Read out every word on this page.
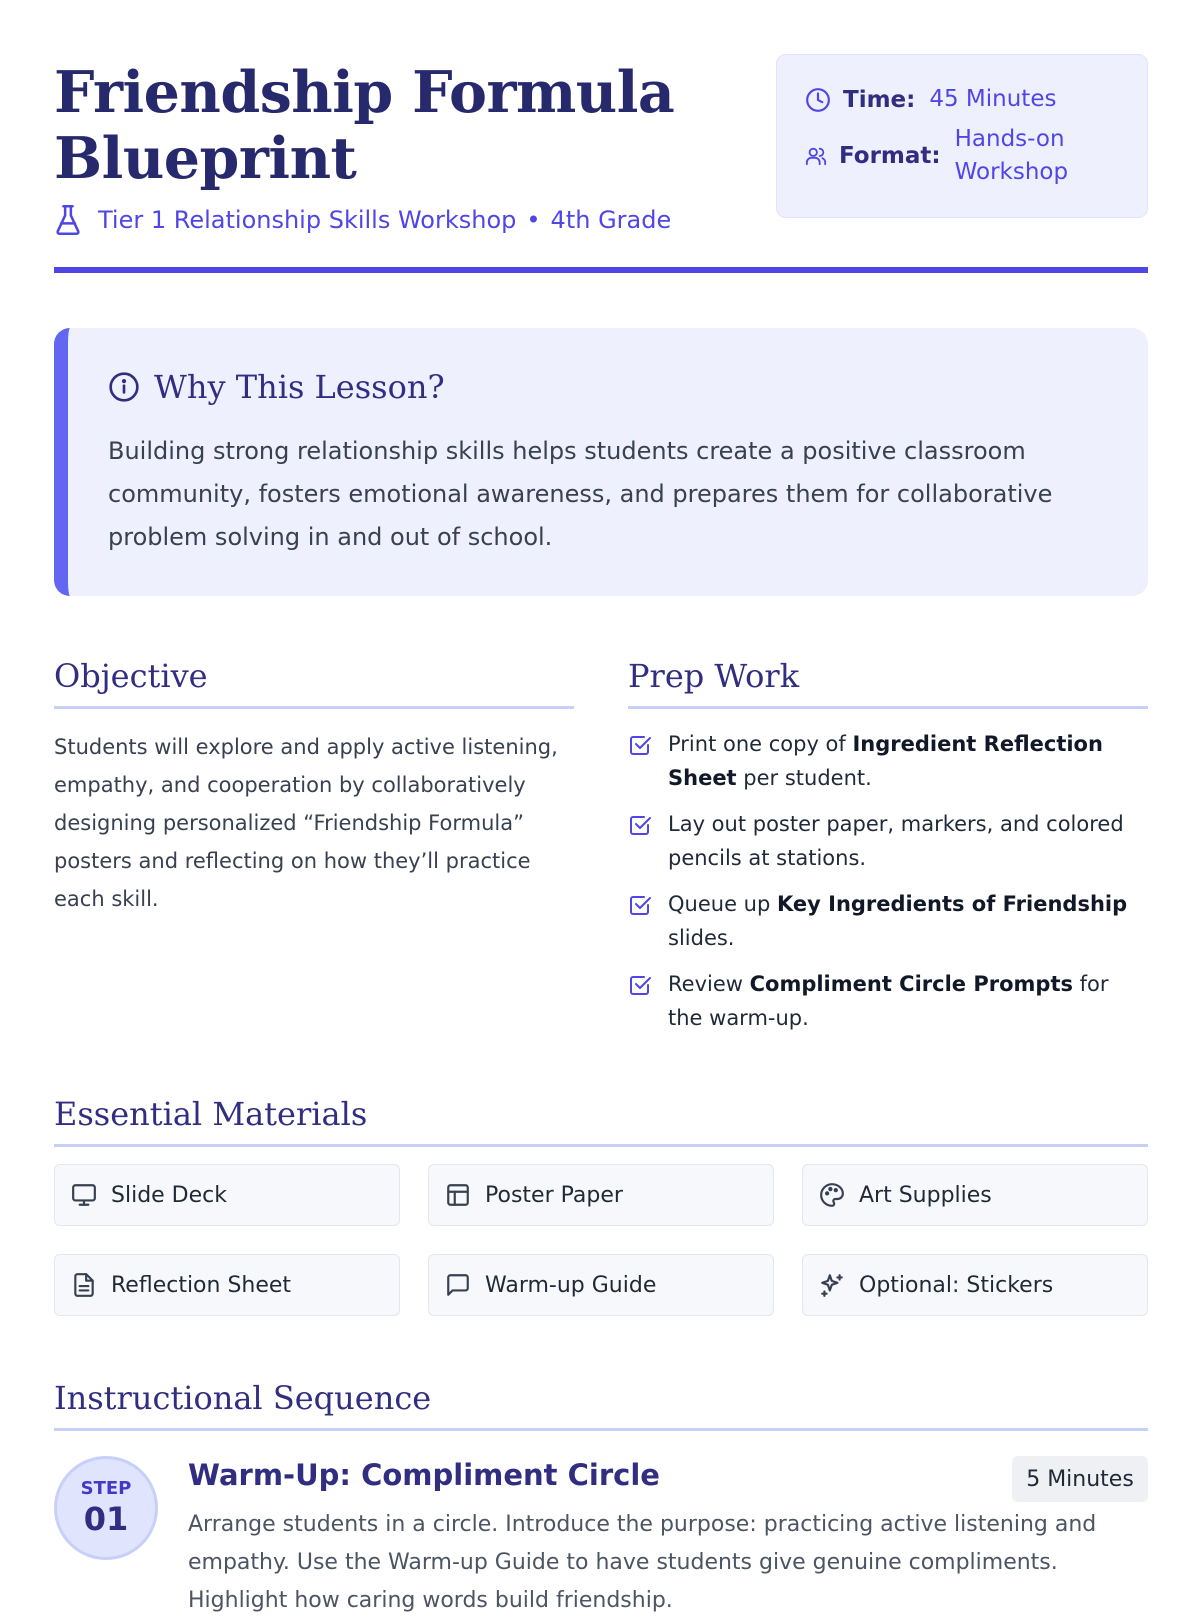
Friendship Formula
Blueprint
Tier 1 Relationship Skills Workshop • 4th Grade
Time: 45 Minutes
Format:
Hands-on
Workshop
Why This Lesson?

Building strong relationship skills helps students create a positive classroom community, fosters emotional awareness, and prepares them for collaborative problem solving in and out of school.

Objective

Students will explore and apply active listening, empathy, and cooperation by collaboratively designing personalized “Friendship Formula” posters and reflecting on how they’ll practice each skill.

Prep Work
Print one copy of Ingredient Reflection Sheet per student.
Lay out poster paper, markers, and colored pencils at stations.
Queue up Key Ingredients of Friendship slides.
Review Compliment Circle Prompts for the warm-up.
Essential Materials
Slide Deck	Poster Paper	Art Supplies
Reflection Sheet	Warm-up Guide	Optional: Stickers
Instructional Sequence
STEP
01
Warm-Up: Compliment Circle	5 Minutes

Arrange students in a circle. Introduce the purpose: practicing active listening and empathy. Use the Warm-up Guide to have students give genuine compliments. Highlight how caring words build friendship.
